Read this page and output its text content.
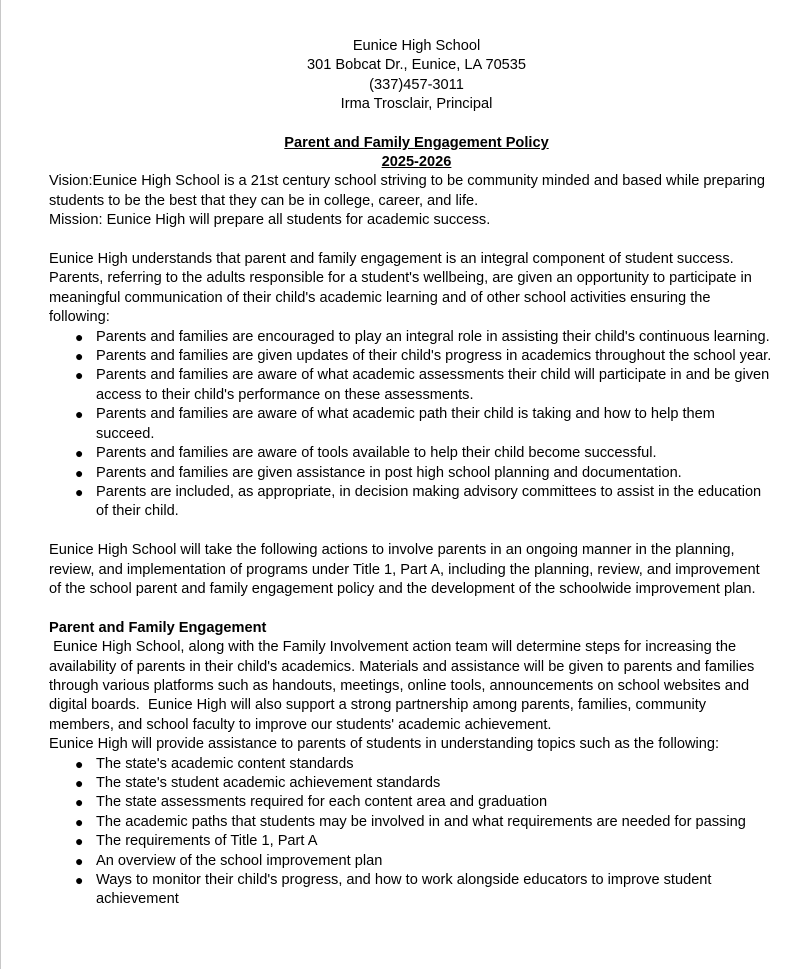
Eunice High School
301 Bobcat Dr., Eunice, LA 70535
(337)457-3011
Irma Trosclair, Principal
Parent and Family Engagement Policy
2025-2026

Vision:Eunice High School is a 21st century school striving to be community minded and based while preparing students to be the best that they can be in college, career, and life.

Mission: Eunice High will prepare all students for academic success.

Eunice High understands that parent and family engagement is an integral component of student success. Parents, referring to the adults responsible for a student's wellbeing, are given an opportunity to participate in meaningful communication of their child's academic learning and of other school activities ensuring the following:

● Parents and families are encouraged to play an integral role in assisting their child's continuous learning.
● Parents and families are given updates of their child's progress in academics throughout the school year.
● Parents and families are aware of what academic assessments their child will participate in and be given access to their child's performance on these assessments.
● Parents and families are aware of what academic path their child is taking and how to help them succeed.
● Parents and families are aware of tools available to help their child become successful.
● Parents and families are given assistance in post high school planning and documentation.
● Parents are included, as appropriate, in decision making advisory committees to assist in the education of their child.

Eunice High School will take the following actions to involve parents in an ongoing manner in the planning, review, and implementation of programs under Title 1, Part A, including the planning, review, and improvement of the school parent and family engagement policy and the development of the schoolwide improvement plan.

Parent and Family Engagement

Eunice High School, along with the Family Involvement action team will determine steps for increasing the availability of parents in their child's academics. Materials and assistance will be given to parents and families through various platforms such as handouts, meetings, online tools, announcements on school websites and digital boards.  Eunice High will also support a strong partnership among parents, families, community members, and school faculty to improve our students' academic achievement.

Eunice High will provide assistance to parents of students in understanding topics such as the following:

● The state's academic content standards
● The state's student academic achievement standards
● The state assessments required for each content area and graduation
● The academic paths that students may be involved in and what requirements are needed for passing
● The requirements of Title 1, Part A
● An overview of the school improvement plan
● Ways to monitor their child's progress, and how to work alongside educators to improve student achievement
